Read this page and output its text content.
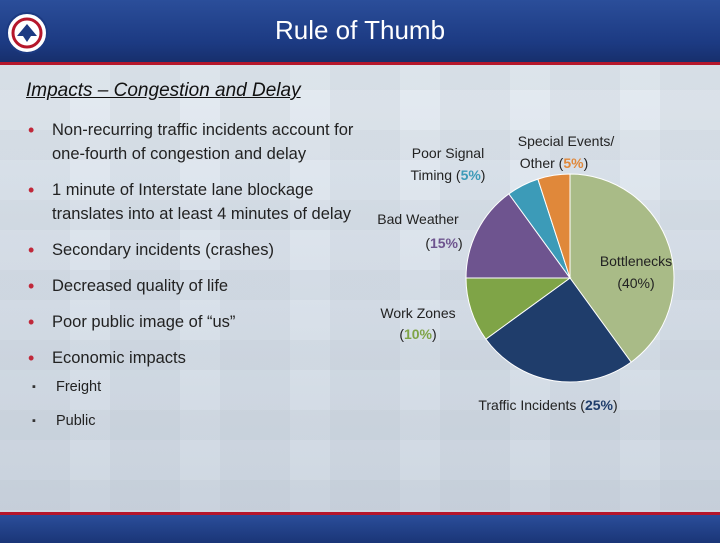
Rule of Thumb
Impacts – Congestion and Delay
• Non-recurring traffic incidents account for one-fourth of congestion and delay
• 1 minute of Interstate lane blockage translates into at least 4 minutes of delay
• Secondary incidents (crashes)
• Decreased quality of life
• Poor public image of “us”
• Economic impacts
▪ Freight
▪ Public
Bottlenecks
(40%)
Traffic Incidents (25%)
Work Zones
(10%)
Bad Weather
(15%)
Poor Signal
Timing (5%)
Special Events/
Other (5%)
